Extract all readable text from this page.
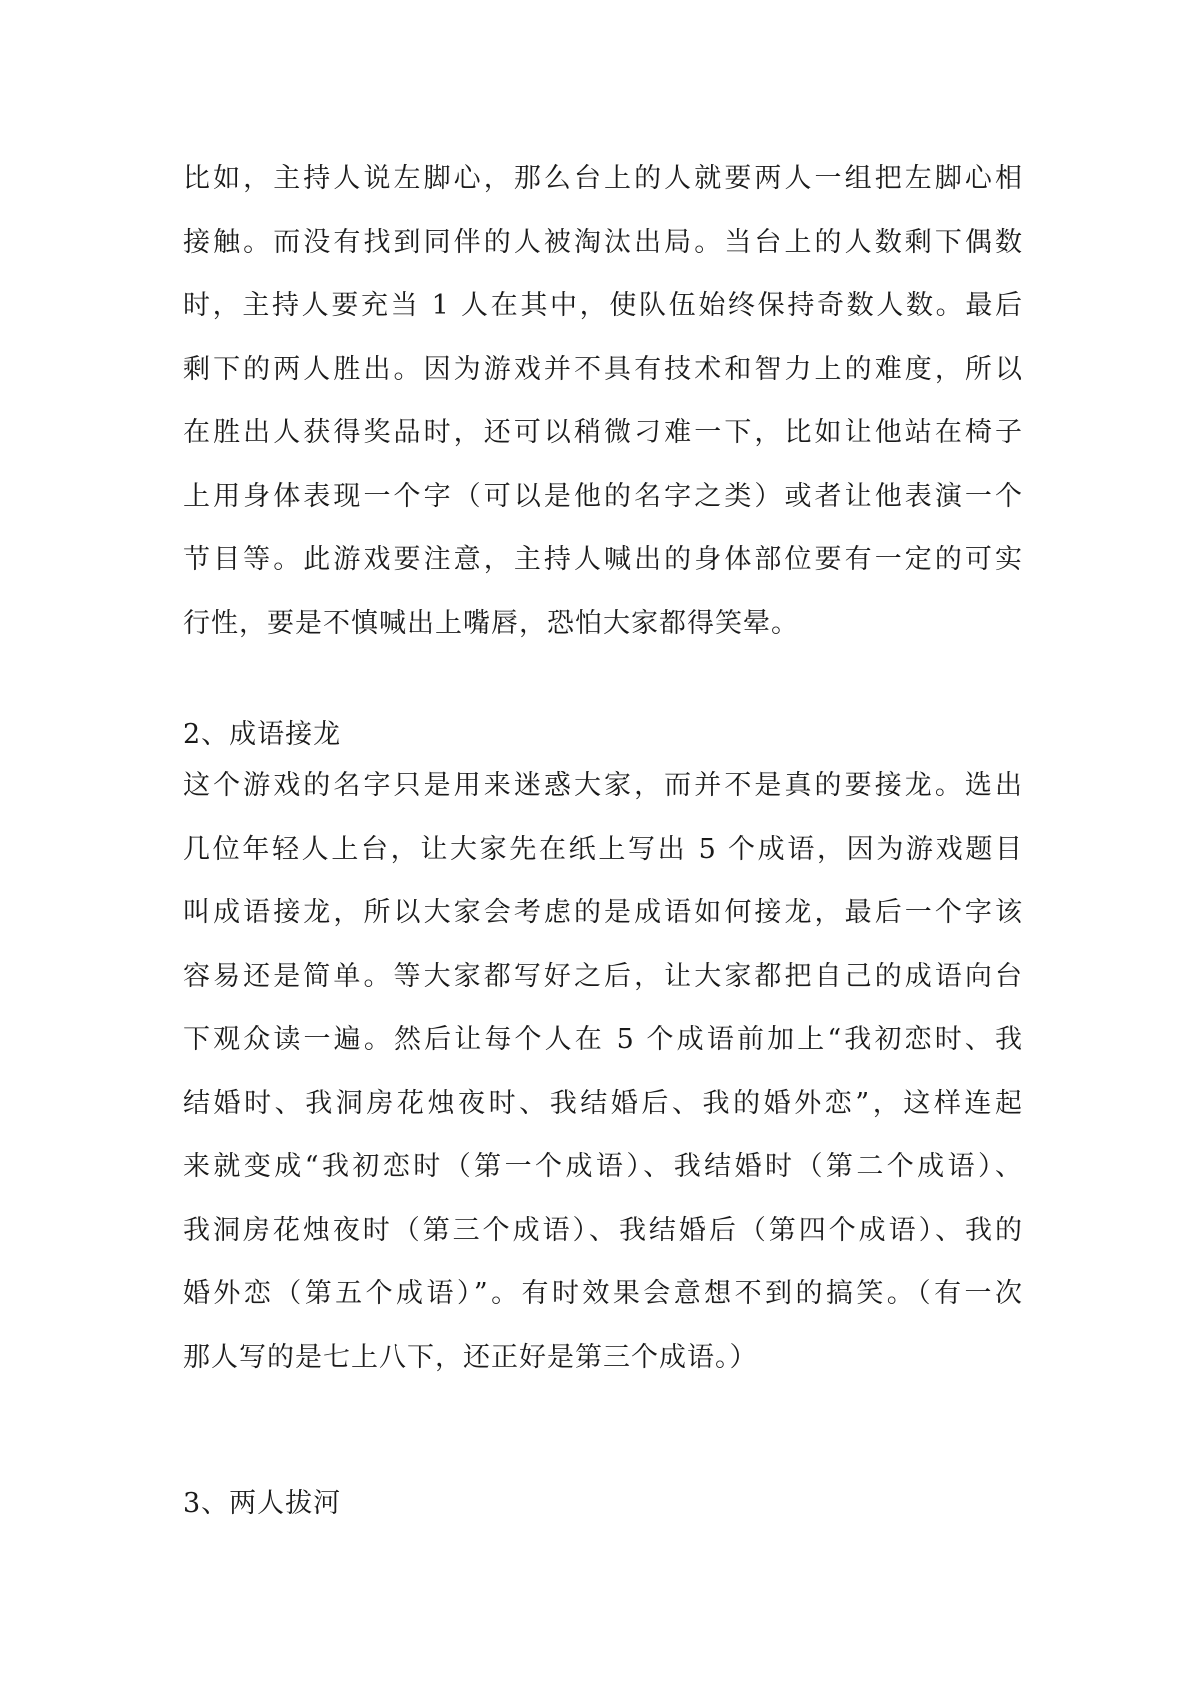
比如，主持人说左脚心，那么台上的人就要两人一组把左脚心相
接触。而没有找到同伴的人被淘汰出局。当台上的人数剩下偶数
时，主持人要充当 1 人在其中，使队伍始终保持奇数人数。最后
剩下的两人胜出。因为游戏并不具有技术和智力上的难度，所以
在胜出人获得奖品时，还可以稍微刁难一下，比如让他站在椅子
上用身体表现一个字（可以是他的名字之类）或者让他表演一个
节目等。此游戏要注意，主持人喊出的身体部位要有一定的可实
行性，要是不慎喊出上嘴唇，恐怕大家都得笑晕。
2、成语接龙
这个游戏的名字只是用来迷惑大家，而并不是真的要接龙。选出
几位年轻人上台，让大家先在纸上写出 5 个成语，因为游戏题目
叫成语接龙，所以大家会考虑的是成语如何接龙，最后一个字该
容易还是简单。等大家都写好之后，让大家都把自己的成语向台
下观众读一遍。然后让每个人在 5 个成语前加上“我初恋时、我
结婚时、我洞房花烛夜时、我结婚后、我的婚外恋”，这样连起
来就变成“我初恋时（第一个成语）、我结婚时（第二个成语）、
我洞房花烛夜时（第三个成语）、我结婚后（第四个成语）、我的
婚外恋（第五个成语）”。有时效果会意想不到的搞笑。（有一次
那人写的是七上八下，还正好是第三个成语。）
3、两人拔河
